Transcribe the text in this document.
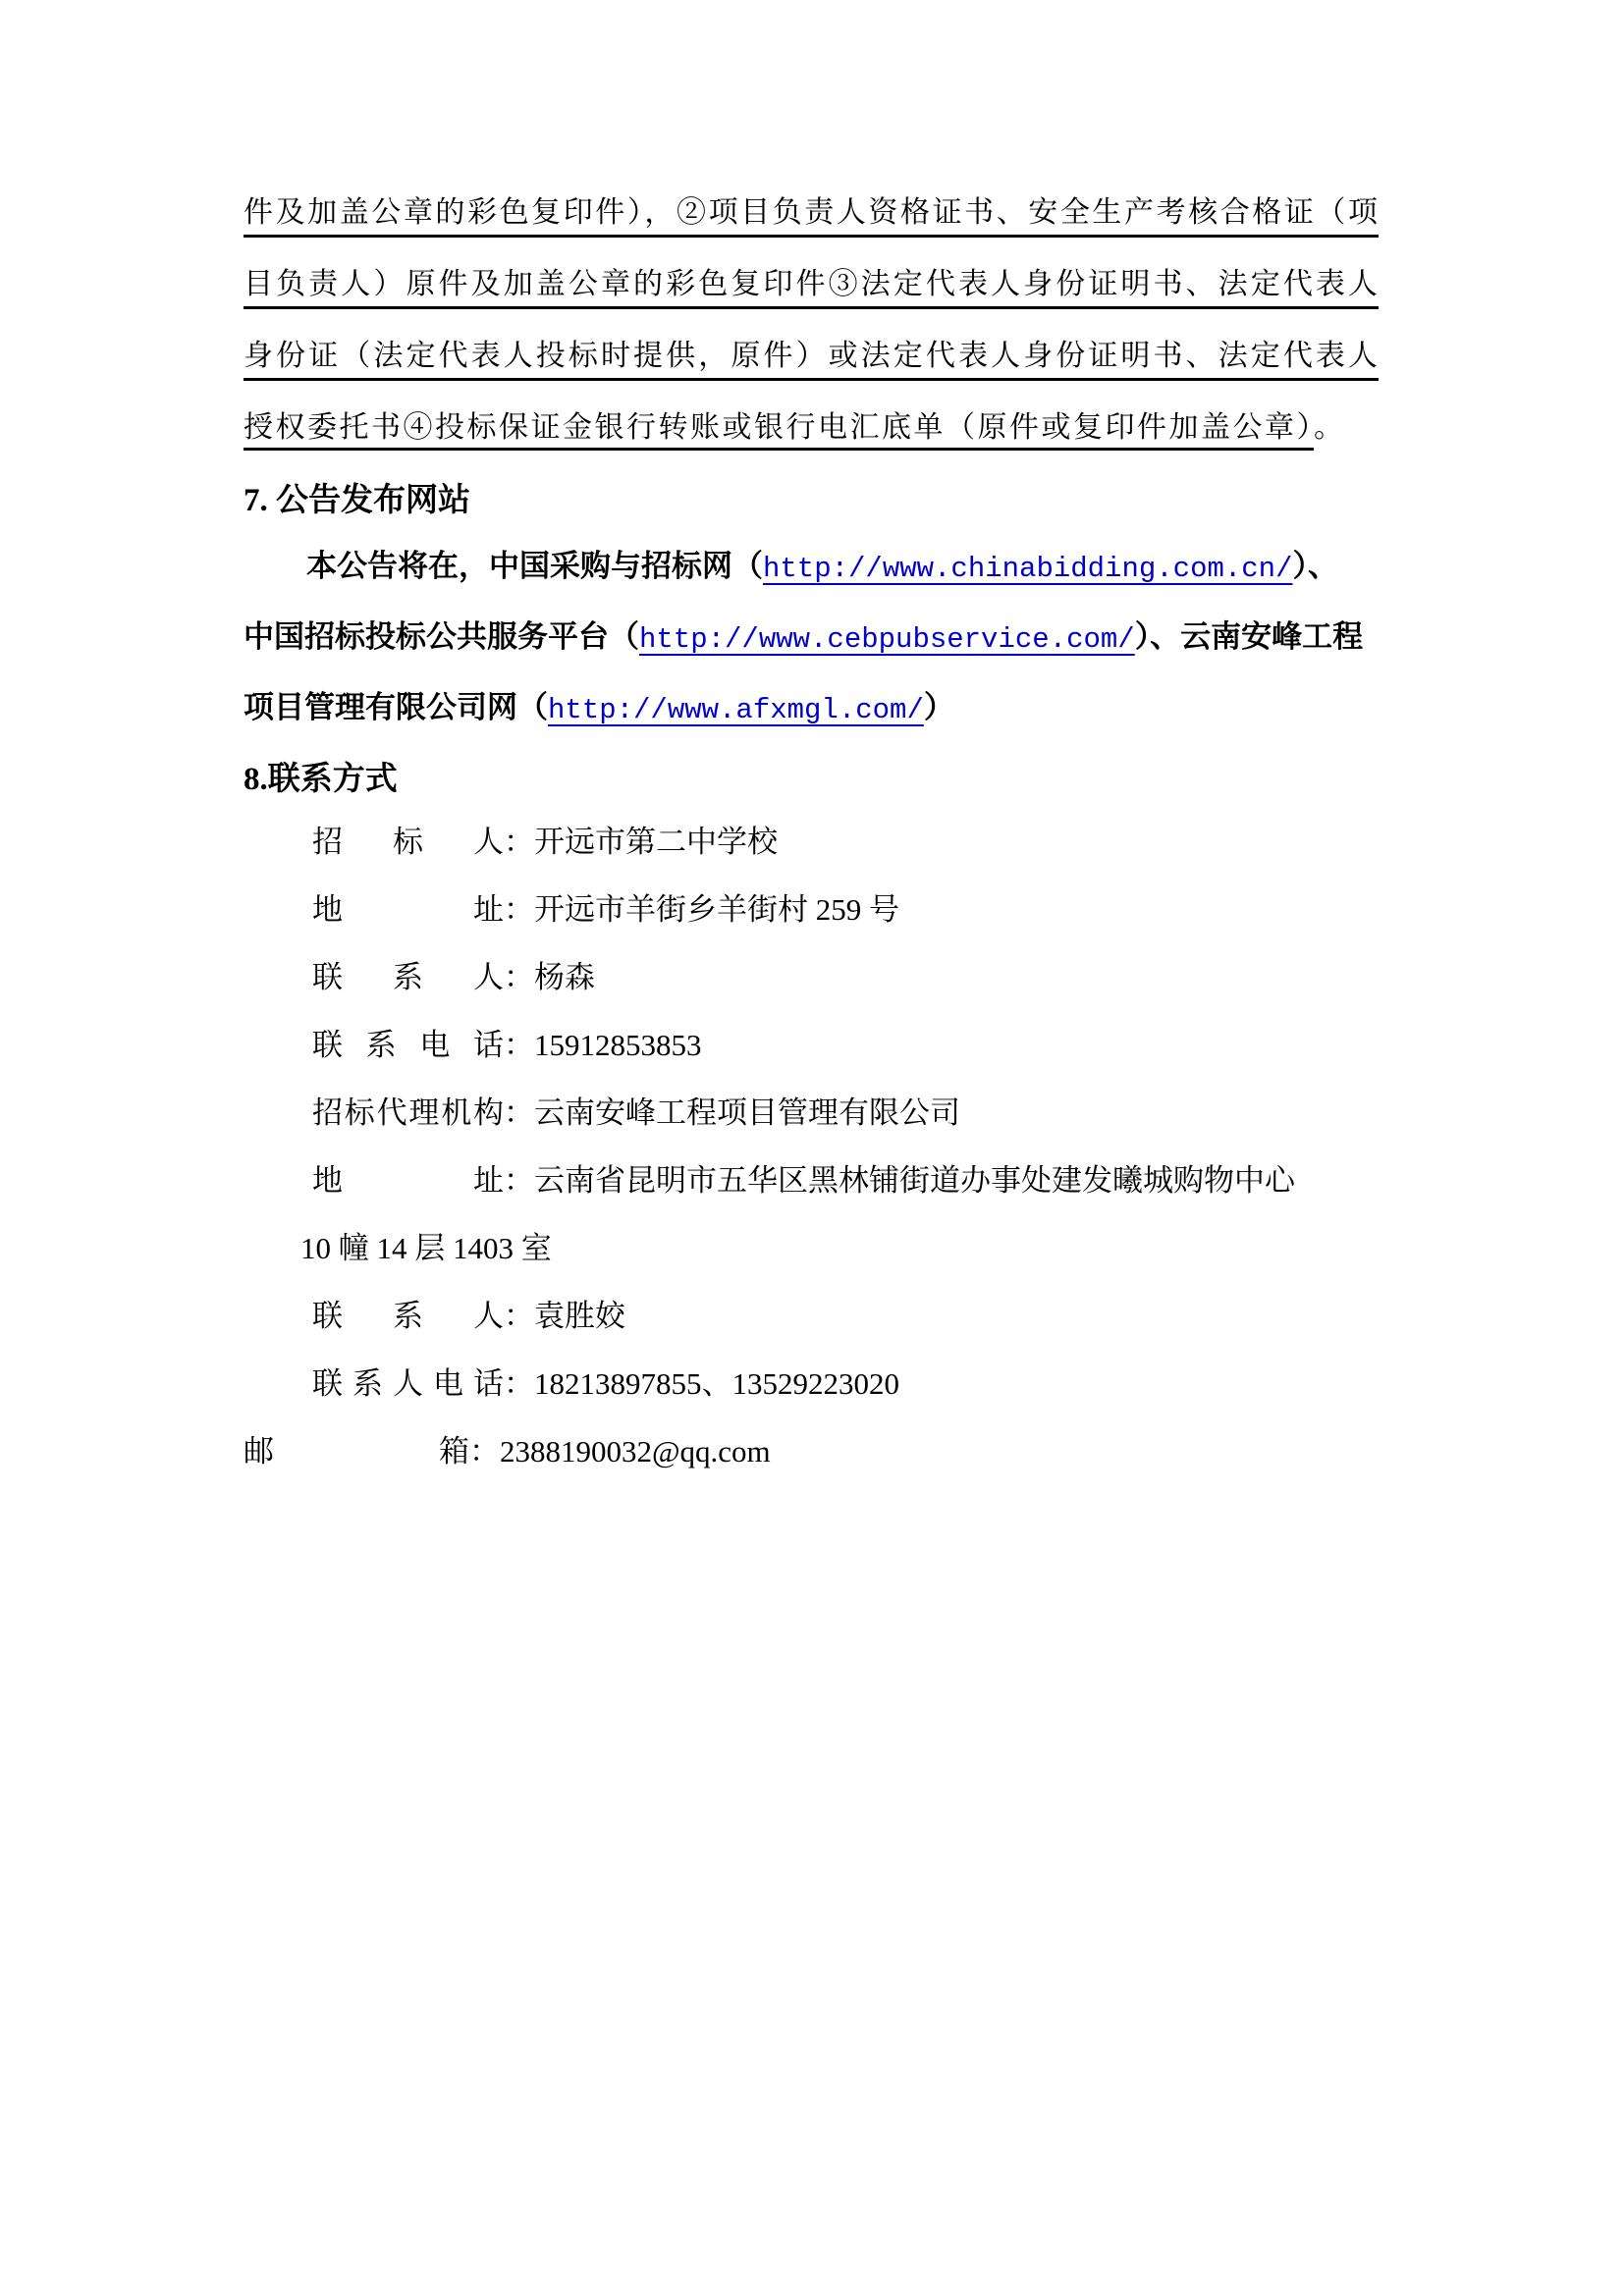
件及加盖公章的彩色复印件），②项目负责人资格证书、安全生产考核合格证（项
目负责人）原件及加盖公章的彩色复印件③法定代表人身份证明书、法定代表人
身份证（法定代表人投标时提供，原件）或法定代表人身份证明书、法定代表人
授权委托书④投标保证金银行转账或银行电汇底单（原件或复印件加盖公章）。
7. 公告发布网站
本公告将在，中国采购与招标网（http://www.chinabidding.com.cn/）、
中国招标投标公共服务平台（http://www.cebpubservice.com/）、云南安峰工程
项目管理有限公司网（http://www.afxmgl.com/）
8.联系方式
招标人：开远市第二中学校
地址：开远市羊街乡羊街村 259 号
联系人：杨森
联系电话：15912853853
招标代理机构：云南安峰工程项目管理有限公司
地址：云南省昆明市五华区黑林铺街道办事处建发曦城购物中心
10 幢 14 层 1403 室
联系人：袁胜姣
联系人电话：18213897855、13529223020
邮箱：2388190032@qq.com
